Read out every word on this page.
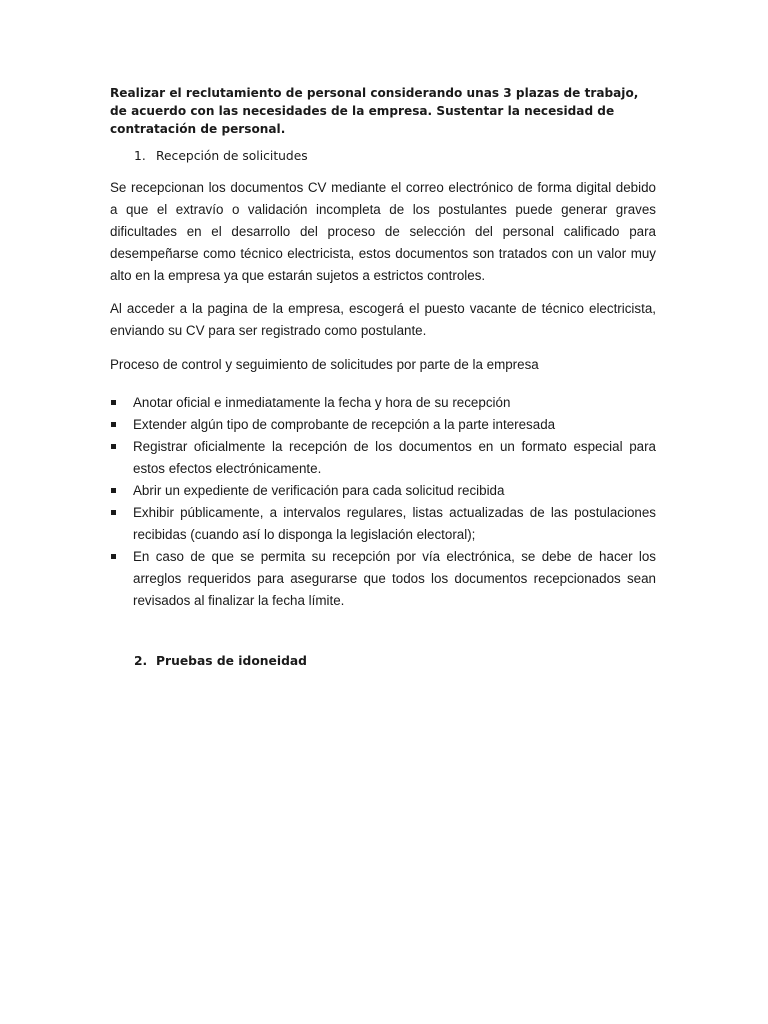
Realizar el reclutamiento de personal considerando unas 3 plazas de trabajo, de acuerdo con las necesidades de la empresa. Sustentar la necesidad de contratación de personal.

1. Recepción de solicitudes

Se recepcionan los documentos CV mediante el correo electrónico de forma digital debido a que el extravío o validación incompleta de los postulantes puede generar graves dificultades en el desarrollo del proceso de selección del personal calificado para desempeñarse como técnico electricista, estos documentos son tratados con un valor muy alto en la empresa ya que estarán sujetos a estrictos controles.

Al acceder a la pagina de la empresa, escogerá el puesto vacante de técnico electricista, enviando su CV para ser registrado como postulante.

Proceso de control y seguimiento de solicitudes por parte de la empresa

Anotar oficial e inmediatamente la fecha y hora de su recepción
Extender algún tipo de comprobante de recepción a la parte interesada
Registrar oficialmente la recepción de los documentos en un formato especial para estos efectos electrónicamente.
Abrir un expediente de verificación para cada solicitud recibida
Exhibir públicamente, a intervalos regulares, listas actualizadas de las postulaciones recibidas (cuando así lo disponga la legislación electoral);
En caso de que se permita su recepción por vía electrónica, se debe de hacer los arreglos requeridos para asegurarse que todos los documentos recepcionados sean revisados al finalizar la fecha límite.
2. Pruebas de idoneidad
